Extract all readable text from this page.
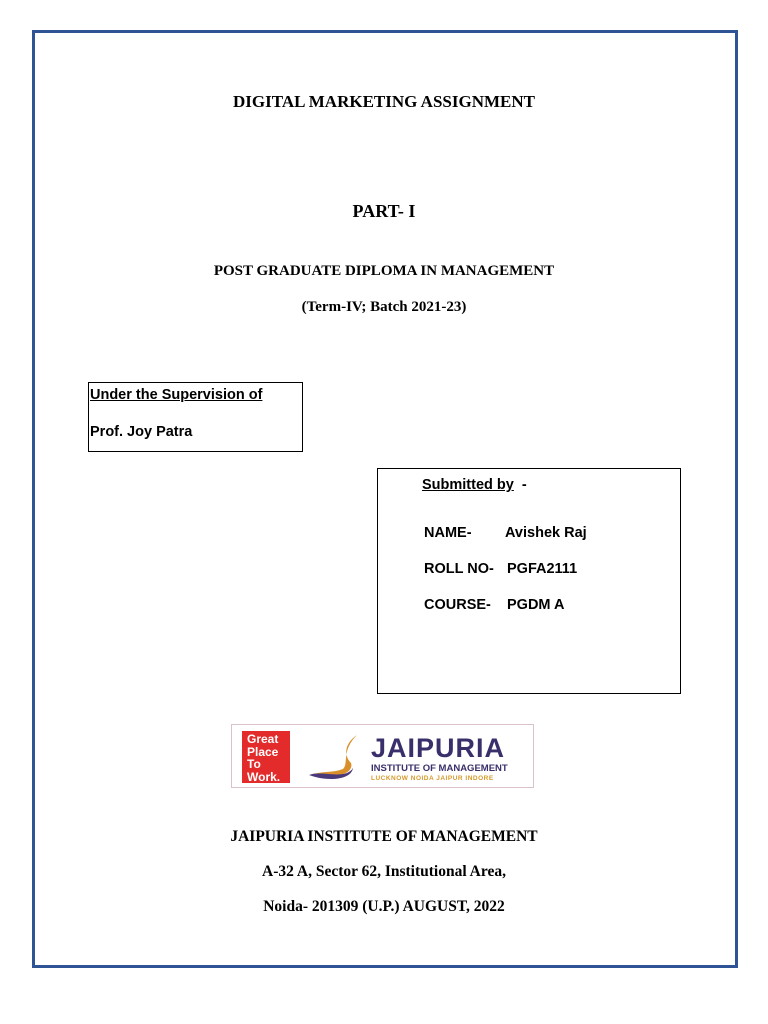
DIGITAL MARKETING ASSIGNMENT
PART- I
POST GRADUATE DIPLOMA IN MANAGEMENT
(Term-IV; Batch 2021-23)
Under the Supervision of
Prof. Joy Patra
Submitted by -
NAME- Avishek Raj
ROLL NO- PGFA2111
COURSE- PGDM A
Great Place To Work.
JAIPURIA
INSTITUTE OF MANAGEMENT
LUCKNOW NOIDA JAIPUR INDORE
JAIPURIA INSTITUTE OF MANAGEMENT
A-32 A, Sector 62, Institutional Area,
Noida- 201309 (U.P.) AUGUST, 2022
